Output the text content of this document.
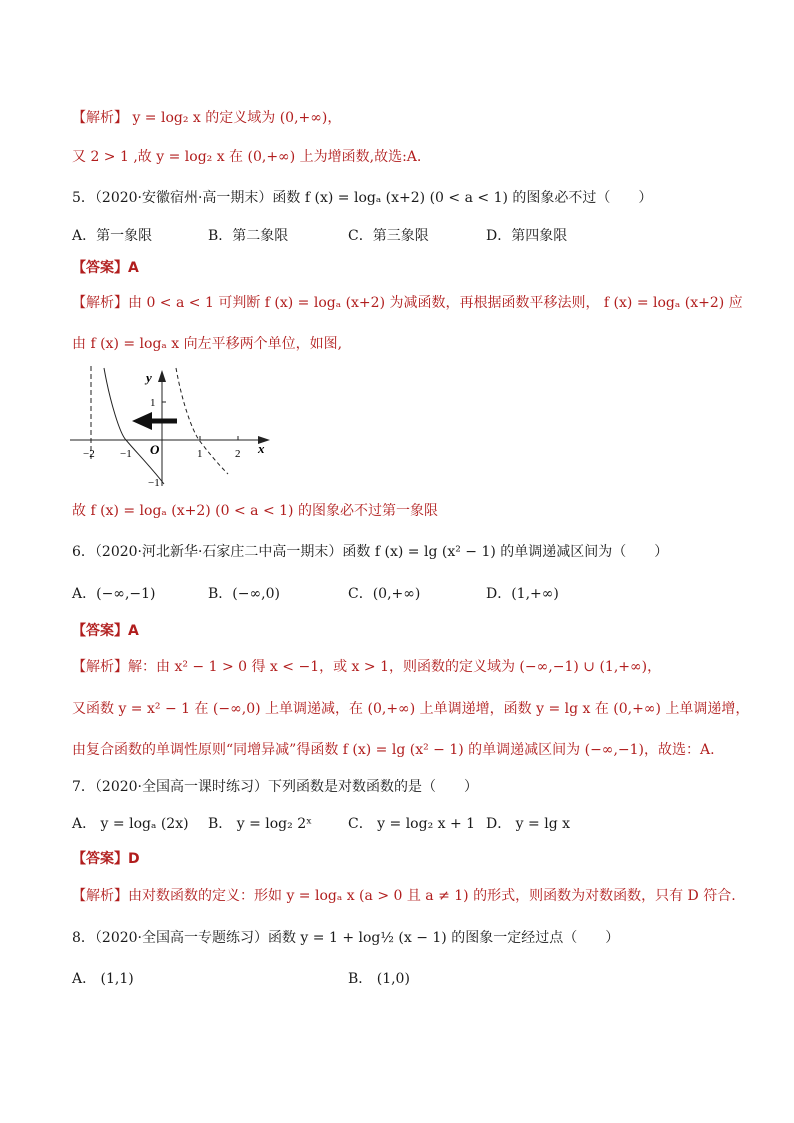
【解析】 y = log₂ x 的定义域为 (0,+∞)，
又 2 > 1 ,故 y = log₂ x 在 (0,+∞) 上为增函数,故选:A.
5．（2020·安徽宿州·高一期末）函数 f (x) = logₐ (x+2) (0 < a < 1) 的图象必不过（　　）
A．第一象限	B．第二象限	C．第三象限	D．第四象限
【答案】A
【解析】由 0 < a < 1 可判断 f (x) = logₐ (x+2) 为减函数，再根据函数平移法则， f (x) = logₐ (x+2) 应
由 f (x) = logₐ x 向左平移两个单位，如图,
y
x
O
−2 −1	1	2
1
−1
故 f (x) = logₐ (x+2) (0 < a < 1) 的图象必不过第一象限
6．（2020·河北新华·石家庄二中高一期末）函数 f (x) = lg (x² − 1) 的单调递减区间为（　　）
A．(−∞,−1)	B．(−∞,0)	C．(0,+∞)	D．(1,+∞)
【答案】A
【解析】解：由 x² − 1 > 0 得 x < −1，或 x > 1，则函数的定义域为 (−∞,−1) ∪ (1,+∞)，
又函数 y = x² − 1 在 (−∞,0) 上单调递减，在 (0,+∞) 上单调递增，函数 y = lg x 在 (0,+∞) 上单调递增，
由复合函数的单调性原则“同增异减”得函数 f (x) = lg (x² − 1) 的单调递减区间为 (−∞,−1)，故选：A.
7．（2020·全国高一课时练习）下列函数是对数函数的是（　　）
A． y = logₐ (2x) B． y = log₂ 2ˣ	C． y = log₂ x + 1 D． y = lg x
【答案】D
【解析】由对数函数的定义：形如 y = logₐ x (a > 0 且 a ≠ 1) 的形式，则函数为对数函数，只有 D 符合.
8．（2020·全国高一专题练习）函数 y = 1 + log½ (x − 1) 的图象一定经过点（　　）
A． (1,1)	B． (1,0)
